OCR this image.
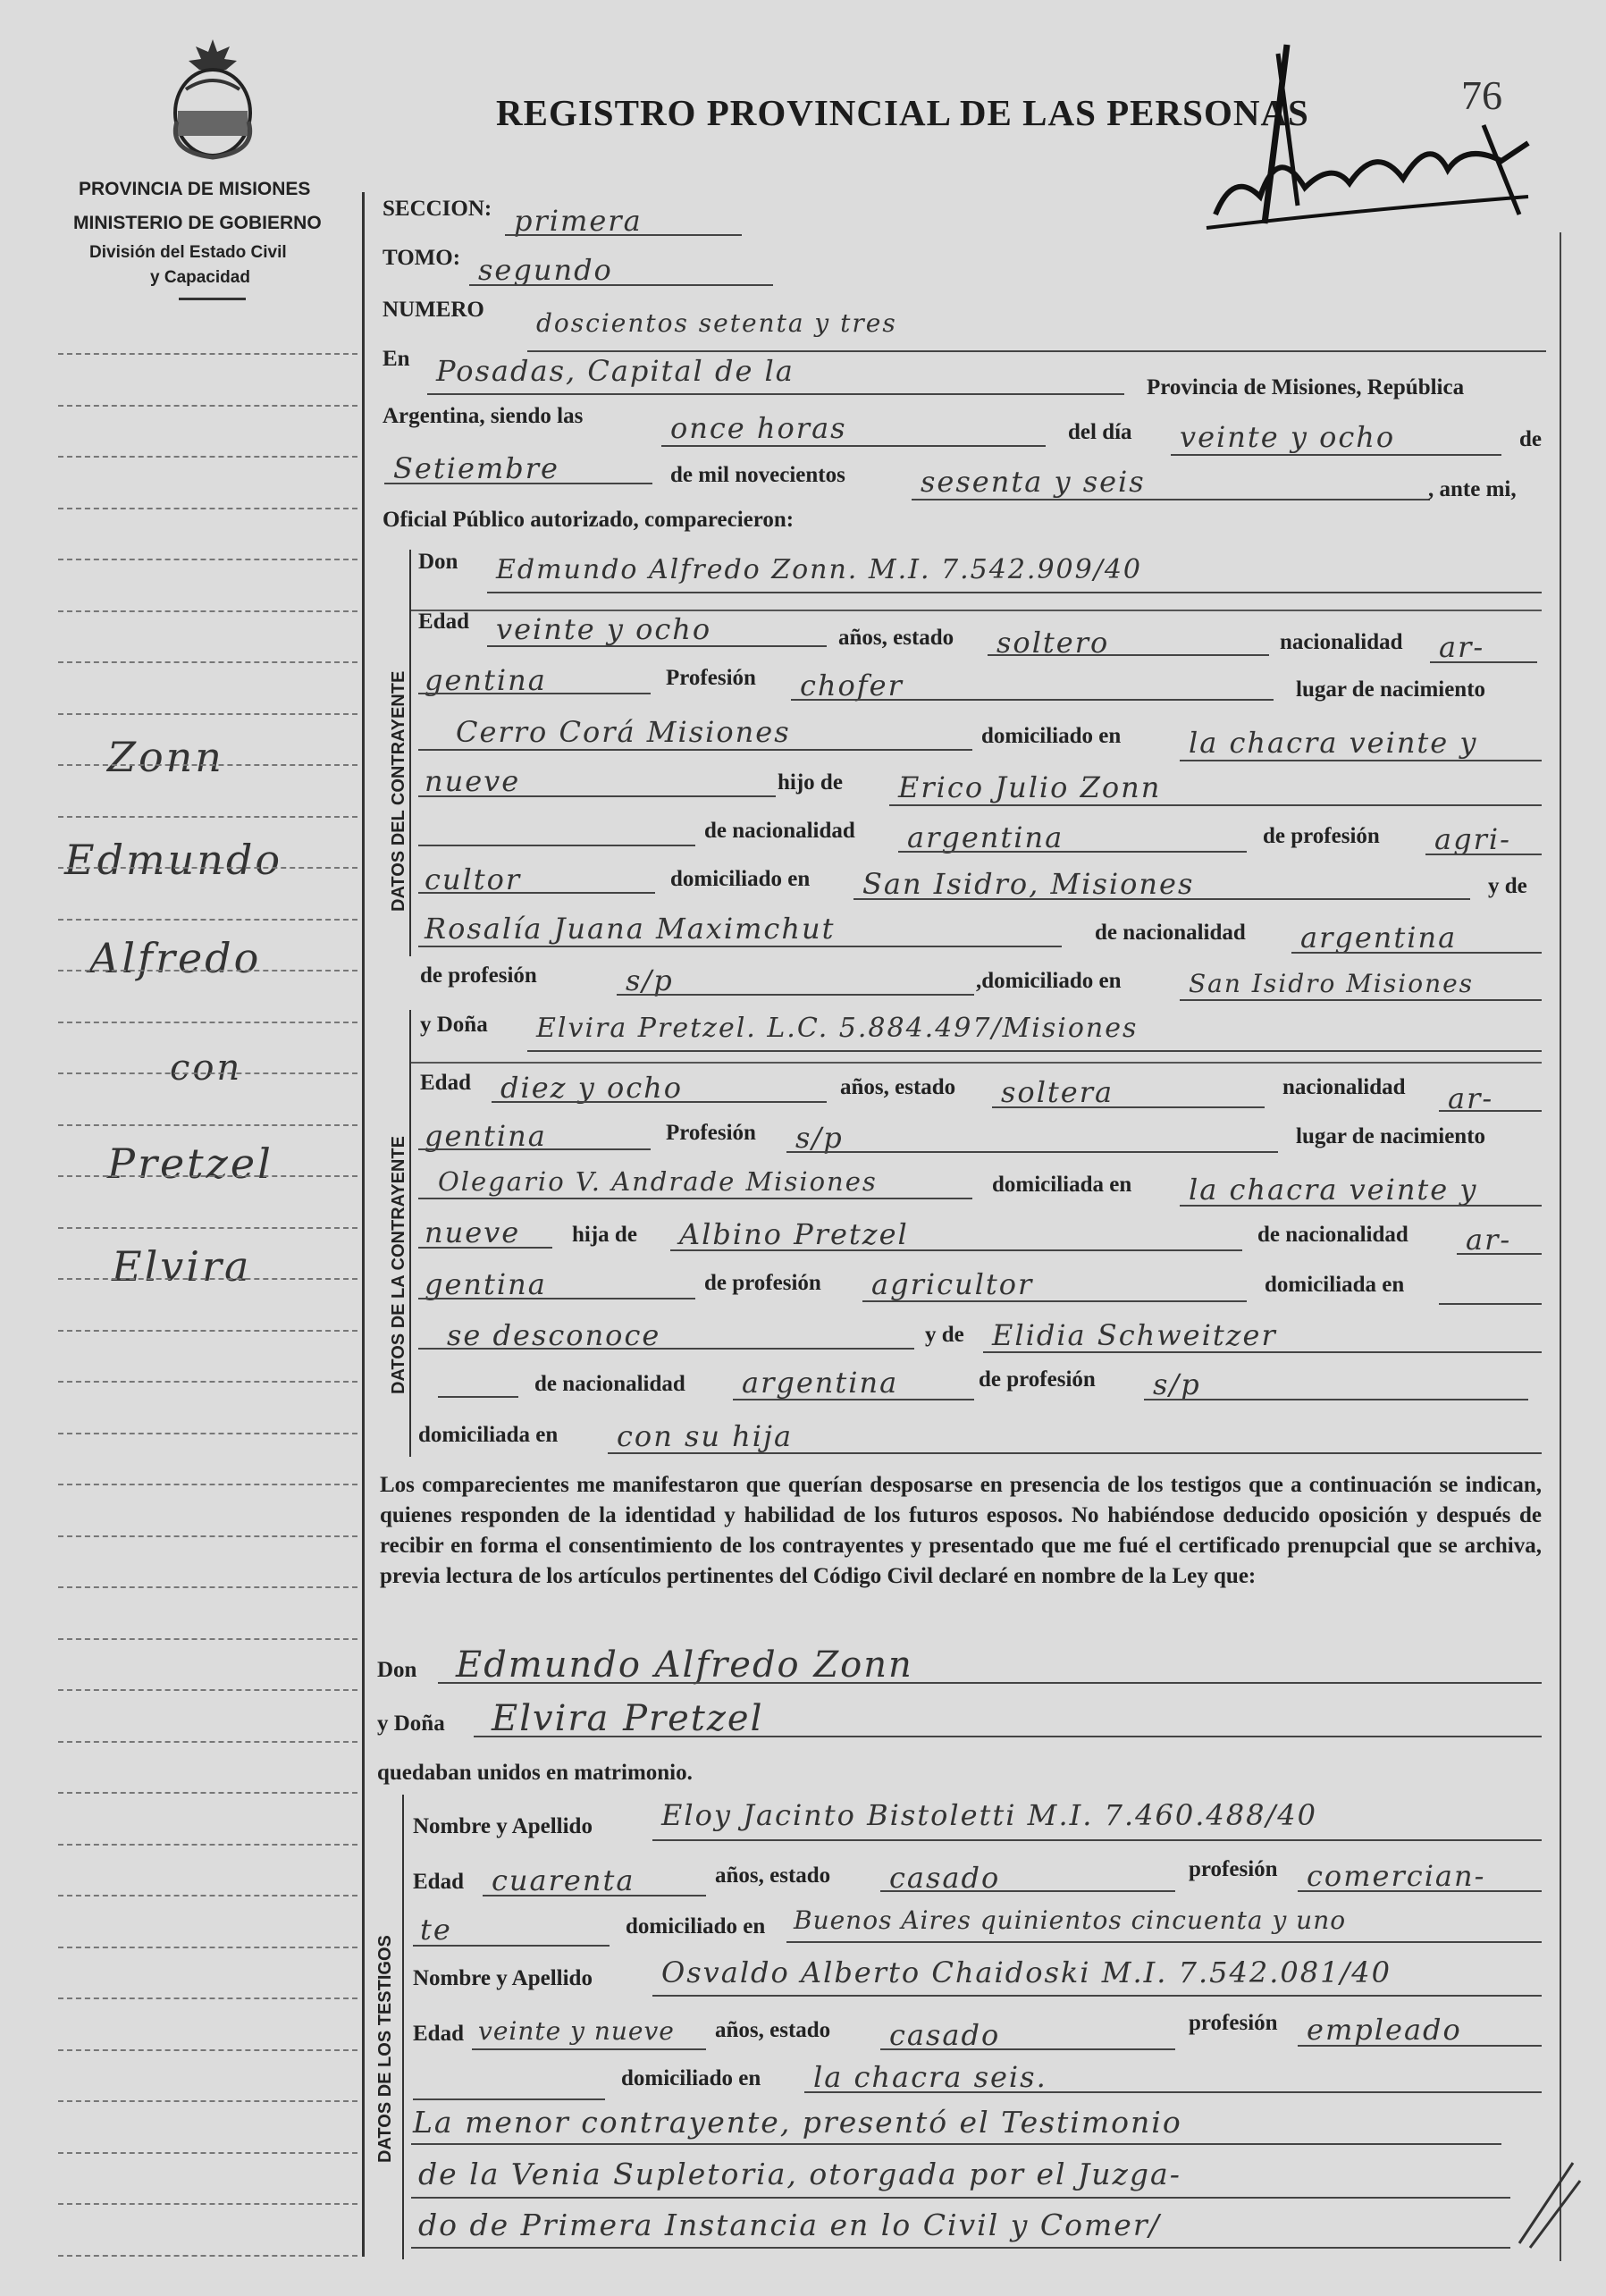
PROVINCIA DE MISIONES
MINISTERIO DE GOBIERNO
División del Estado Civil
y Capacidad
REGISTRO PROVINCIAL DE LAS PERSONAS	76
Zonn
Edmundo
Alfredo
con
Pretzel
Elvira
SECCION: primera
TOMO: segundo
NUMERO doscientos setenta y tres
En Posadas, Capital de la	Provincia de Misiones, República
Argentina, siendo las	once horas	del día veinte y ocho	de
Setiembre	de mil novecientos	sesenta y seis	, ante mi,
Oficial Público autorizado, comparecieron:
DATOS DEL CONTRAYENTE
Don Edmundo Alfredo Zonn. M.I. 7.542.909/40
Edad veinte y ocho	años, estado soltero	nacionalidad ar-
gentina	Profesión chofer	lugar de nacimiento
Cerro Corá Misiones	domiciliado en la chacra veinte y
nueve	hijo de Erico Julio Zonn
de nacionalidad argentina	de profesión agri-
cultor	domiciliado en San Isidro, Misiones	y de
Rosalía Juana Maximchut	de nacionalidad argentina
de profesión	s/p	,domiciliado en	San Isidro Misiones
DATOS DE LA CONTRAYENTE
y Doña Elvira Pretzel. L.C. 5.884.497/Misiones
Edad diez y ocho	años, estado soltera	nacionalidad ar-
gentina	Profesión s/p	lugar de nacimiento
Olegario V. Andrade Misiones	domiciliada en la chacra veinte y
nueve hija de Albino Pretzel	de nacionalidad ar-
gentina	de profesión agricultor	domiciliada en
se desconoce	y de Elidia Schweitzer
de nacionalidad argentina	de profesión s/p
domiciliada en con su hija
Los comparecientes me manifestaron que querían desposarse en presencia de los testigos que a continuación se indican, quienes responden de la identidad y habilidad de los futuros esposos. No habiéndose deducido oposición y después de recibir en forma el consentimiento de los contrayentes y presentado que me fué el certificado prenupcial que se archiva, previa lectura de los artículos pertinentes del Código Civil declaré en nombre de la Ley que:
Don Edmundo Alfredo Zonn
y Doña Elvira Pretzel
quedaban unidos en matrimonio.
DATOS DE LOS TESTIGOS
Nombre y Apellido Eloy Jacinto Bistoletti M.I. 7.460.488/40
Edad cuarenta	años, estado casado	profesión comercian-
te	domiciliado en Buenos Aires quinientos cincuenta y uno
Nombre y Apellido Osvaldo Alberto Chaidoski M.I. 7.542.081/40
Edad veinte y nueve años, estado casado	profesión empleado
domiciliado en la chacra seis.
La menor contrayente, presentó el Testimonio
de la Venia Supletoria, otorgada por el Juzga-
do de Primera Instancia en lo Civil y Comer/
